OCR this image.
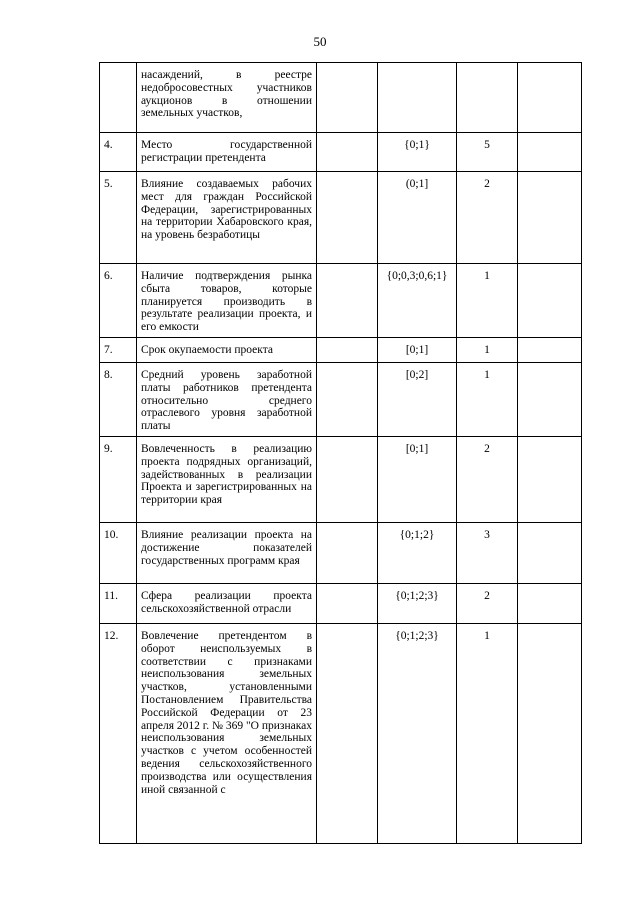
50
	насаждений, в реестре недобросовестных участников аукционов в отношении земельных участков,				
4.	Место государственной регистрации претендента		{0;1}	5	
5.	Влияние создаваемых рабочих мест для граждан Российской Федерации, зарегистрированных на территории Хабаровского края, на уровень безработицы		(0;1]	2	
6.	Наличие подтверждения рынка сбыта товаров, которые планируется производить в результате реализации проекта, и его емкости		{0;0,3;0,6;1}	1	
7.	Срок окупаемости проекта		[0;1]	1	
8.	Средний уровень заработной платы работников претендента относительно среднего отраслевого уровня заработной платы		[0;2]	1	
9.	Вовлеченность в реализацию проекта подрядных организаций, задействованных в реализации Проекта и зарегистрированных на территории края		[0;1]	2	
10.	Влияние реализации проекта на достижение показателей государственных программ края		{0;1;2}	3	
11.	Сфера реализации проекта сельскохозяйственной отрасли		{0;1;2;3}	2	
12.	Вовлечение претендентом в оборот неиспользуемых в соответствии с признаками неиспользования земельных участков, установленными Постановлением Правительства Российской Федерации от 23 апреля 2012 г. № 369 "О признаках неиспользования земельных участков с учетом особенностей ведения сельскохозяйственного производства или осуществления иной связанной с		{0;1;2;3}	1	
